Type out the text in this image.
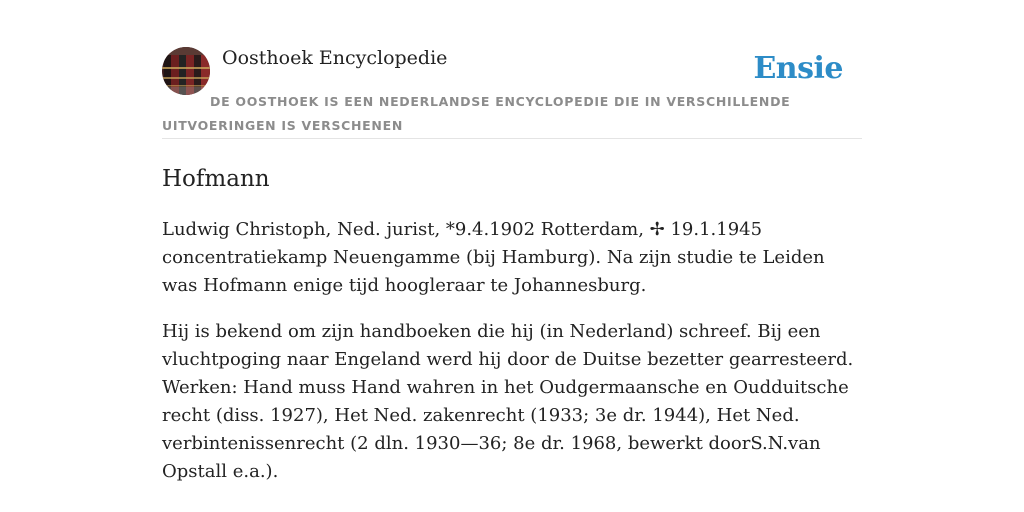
Oosthoek Encyclopedie	Ensie
DE OOSTHOEK IS EEN NEDERLANDSE ENCYCLOPEDIE DIE IN VERSCHILLENDE UITVOERINGEN IS VERSCHENEN
Hofmann

Ludwig Christoph, Ned. jurist, *9.4.1902 Rotterdam, ✢ 19.1.1945 concentratiekamp Neuengamme (bij Hamburg). Na zijn studie te Leiden was Hofmann enige tijd hoogleraar te Johannesburg.

Hij is bekend om zijn handboeken die hij (in Nederland) schreef. Bij een vluchtpoging naar Engeland werd hij door de Duitse bezetter gearresteerd. Werken: Hand muss Hand wahren in het Oudgermaansche en Oudduitsche recht (diss. 1927), Het Ned. zakenrecht (1933; 3e dr. 1944), Het Ned. verbintenissenrecht (2 dln. 1930—36; 8e dr. 1968, bewerkt doorS.N.van Opstall e.a.).
